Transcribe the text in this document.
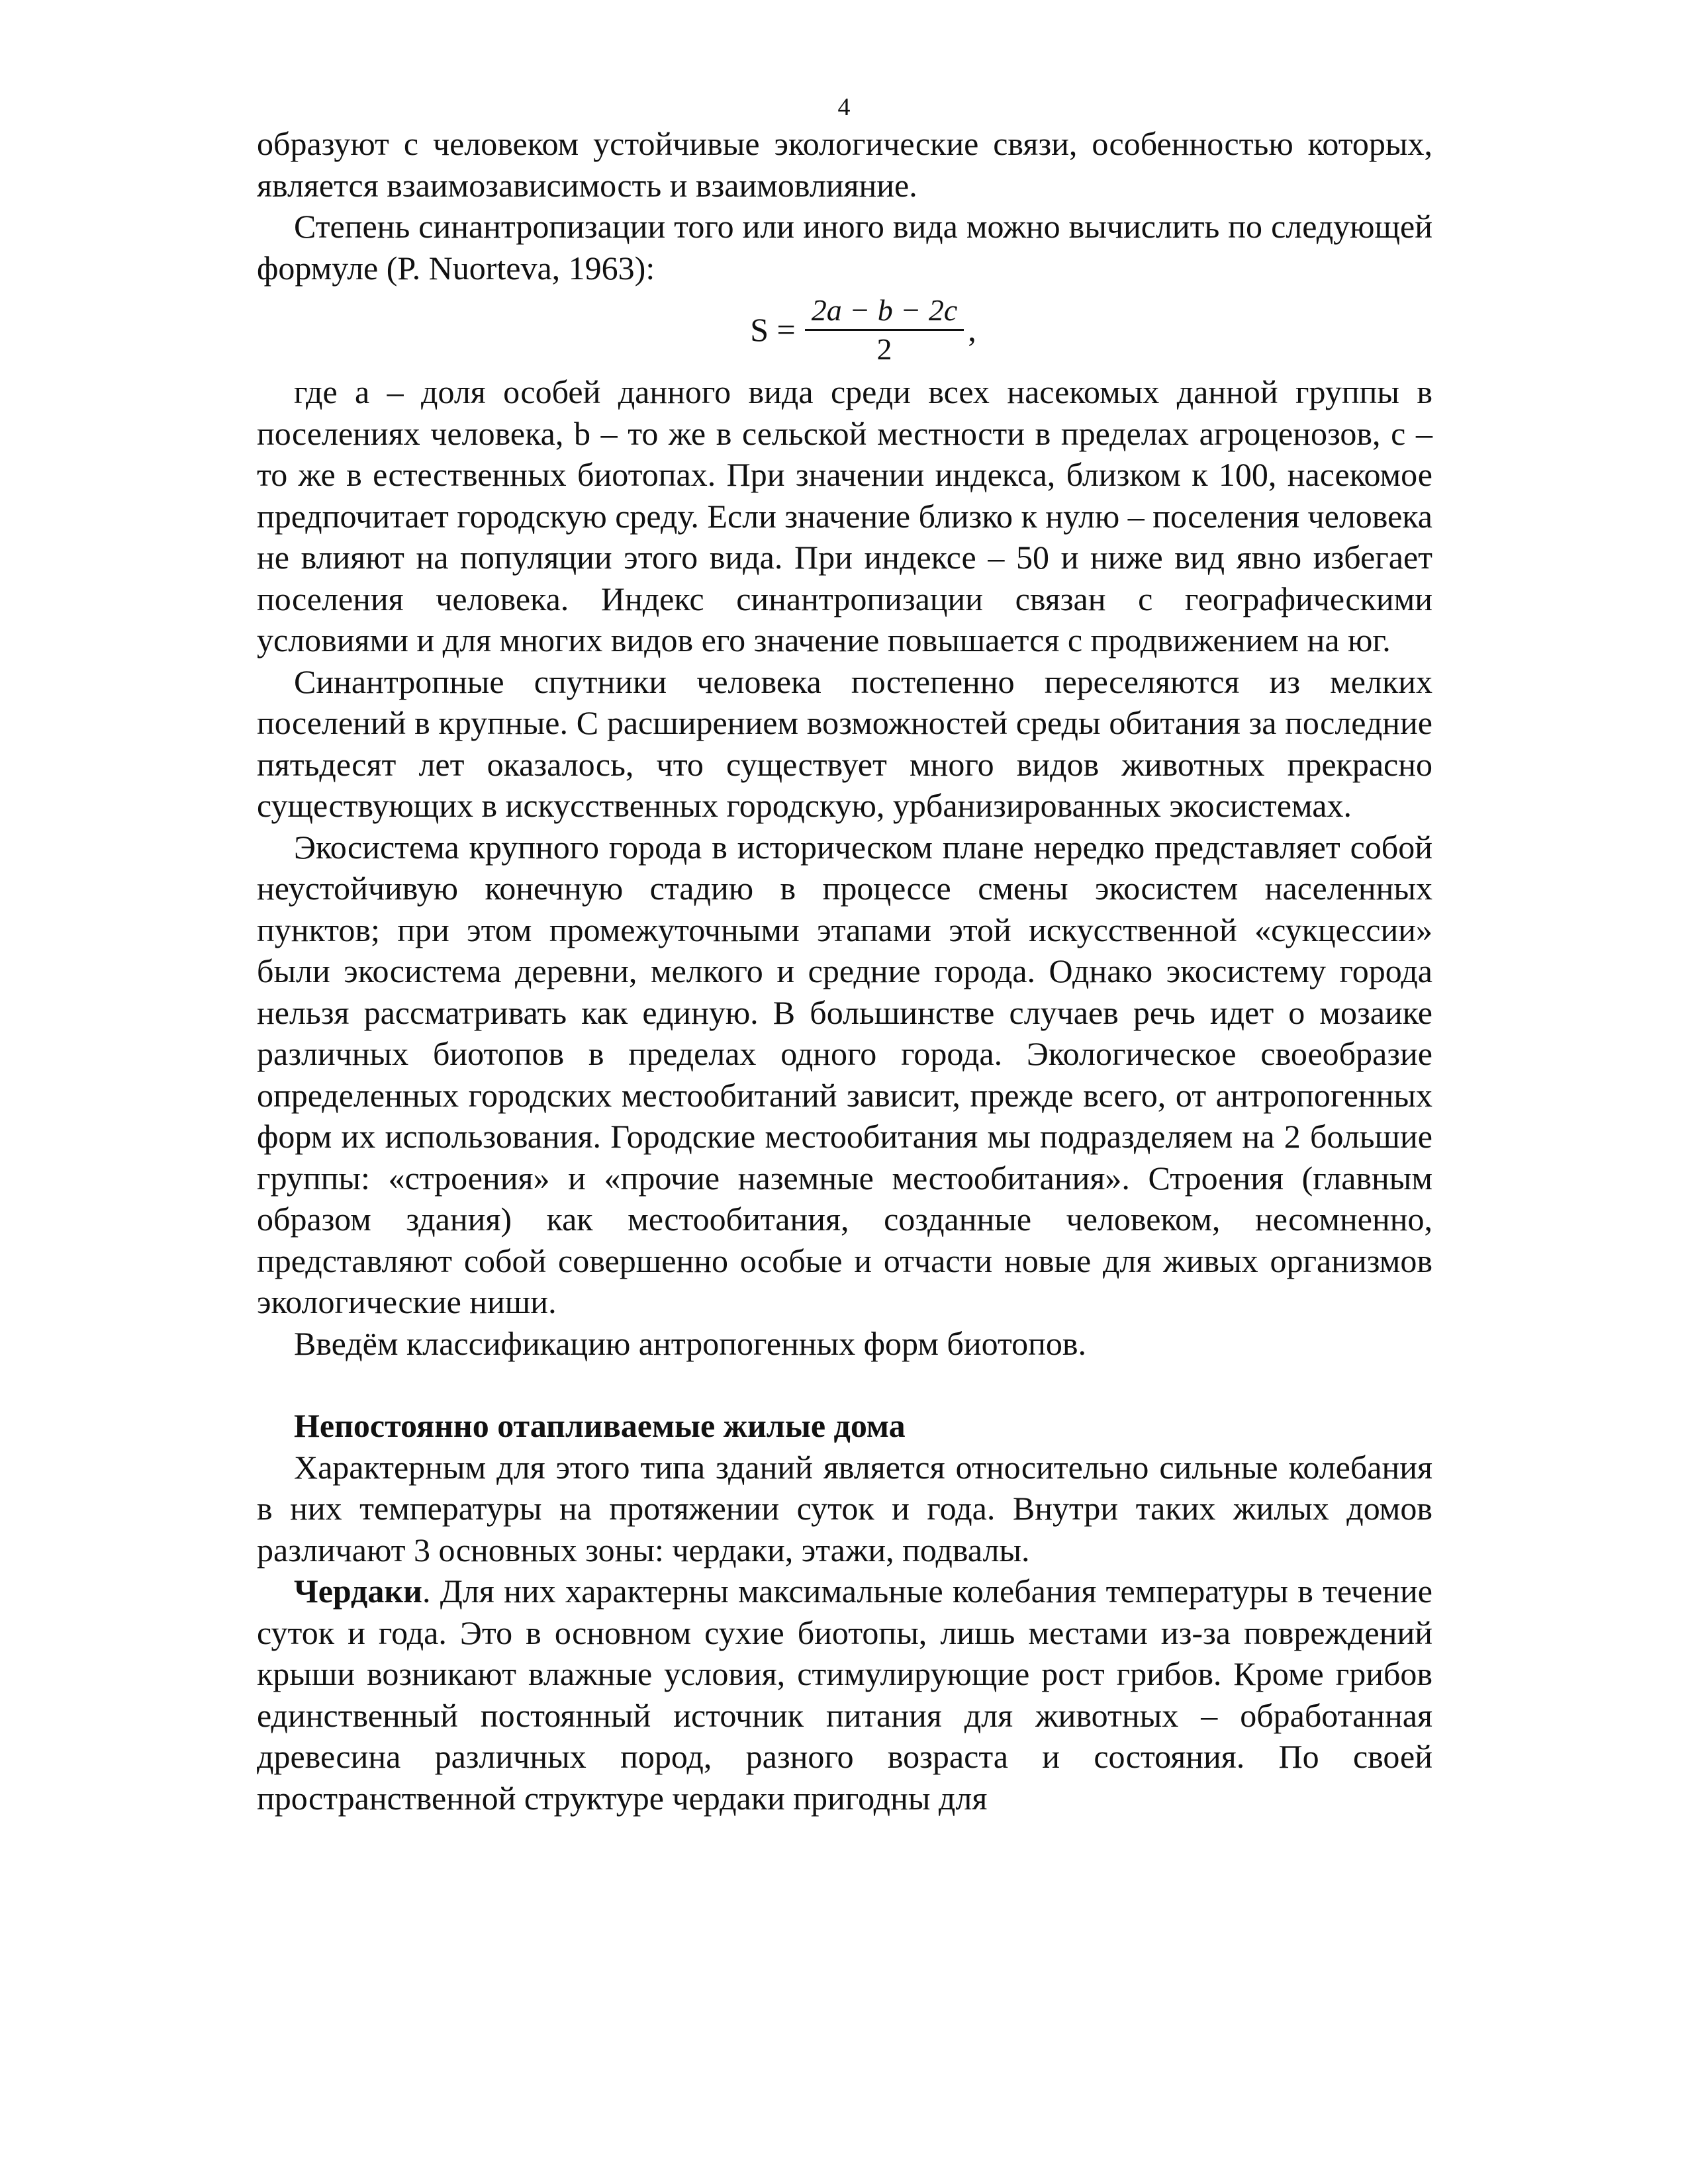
4

образуют с человеком устойчивые экологические связи, особенностью которых, является взаимозависимость и взаимовлияние.

Степень синантропизации того или иного вида можно вычислить по следующей формуле (P. Nuorteva, 1963):

$S = \frac{2a - b - 2c}{2}$ ,

где а – доля особей данного вида среди всех насекомых данной группы в поселениях человека, b – то же в сельской местности в пределах агроценозов, с – то же в естественных биотопах. При значении индекса, близком к 100, насекомое предпочитает городскую среду. Если значение близко к нулю – поселения человека не влияют на популяции этого вида. При индексе – 50 и ниже вид явно избегает поселения человека. Индекс синантропизации связан с географическими условиями и для многих видов его значение повышается с продвижением на юг.

Синантропные спутники человека постепенно переселяются из мелких поселений в крупные. С расширением возможностей среды обитания за последние пятьдесят лет оказалось, что существует много видов животных прекрасно существующих в искусственных городскую, урбанизированных экосистемах.

Экосистема крупного города в историческом плане нередко представляет собой неустойчивую конечную стадию в процессе смены экосистем населенных пунктов; при этом промежуточными этапами этой искусственной «сукцессии» были экосистема деревни, мелкого и средние города. Однако экосистему города нельзя рассматривать как единую. В большинстве случаев речь идет о мозаике различных биотопов в пределах одного города. Экологическое своеобразие определенных городских местообитаний зависит, прежде всего, от антропогенных форм их использования. Городские местообитания мы подразделяем на 2 большие группы: «строения» и «прочие наземные местообитания». Строения (главным образом здания) как местообитания, созданные человеком, несомненно, представляют собой совершенно особые и отчасти новые для живых организмов экологические ниши.

Введём классификацию антропогенных форм биотопов.

Непостоянно отапливаемые жилые дома

Характерным для этого типа зданий является относительно сильные колебания в них температуры на протяжении суток и года. Внутри таких жилых домов различают 3 основных зоны: чердаки, этажи, подвалы.

Чердаки. Для них характерны максимальные колебания температуры в течение суток и года. Это в основном сухие биотопы, лишь местами из-за повреждений крыши возникают влажные условия, стимулирующие рост грибов. Кроме грибов единственный постоянный источник питания для животных – обработанная древесина различных пород, разного возраста и состояния. По своей пространственной структуре чердаки пригодны для
